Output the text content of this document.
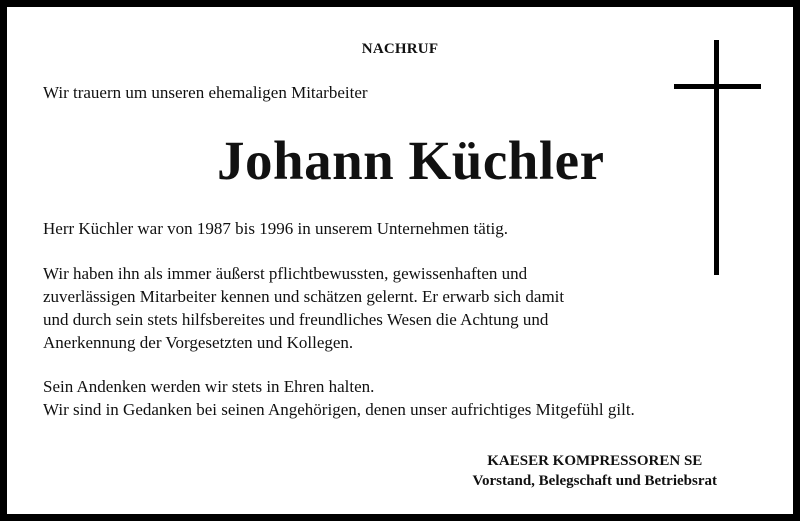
NACHRUF
Wir trauern um unseren ehemaligen Mitarbeiter
Johann Küchler

Herr Küchler war von 1987 bis 1996 in unserem Unternehmen tätig.

Wir haben ihn als immer äußerst pflichtbewussten, gewissenhaften und

zuverlässigen Mitarbeiter kennen und schätzen gelernt. Er erwarb sich damit

und durch sein stets hilfsbereites und freundliches Wesen die Achtung und

Anerkennung der Vorgesetzten und Kollegen.

Sein Andenken werden wir stets in Ehren halten.

Wir sind in Gedanken bei seinen Angehörigen, denen unser aufrichtiges Mitgefühl gilt.

KAESER KOMPRESSOREN SE
Vorstand, Belegschaft und Betriebsrat
